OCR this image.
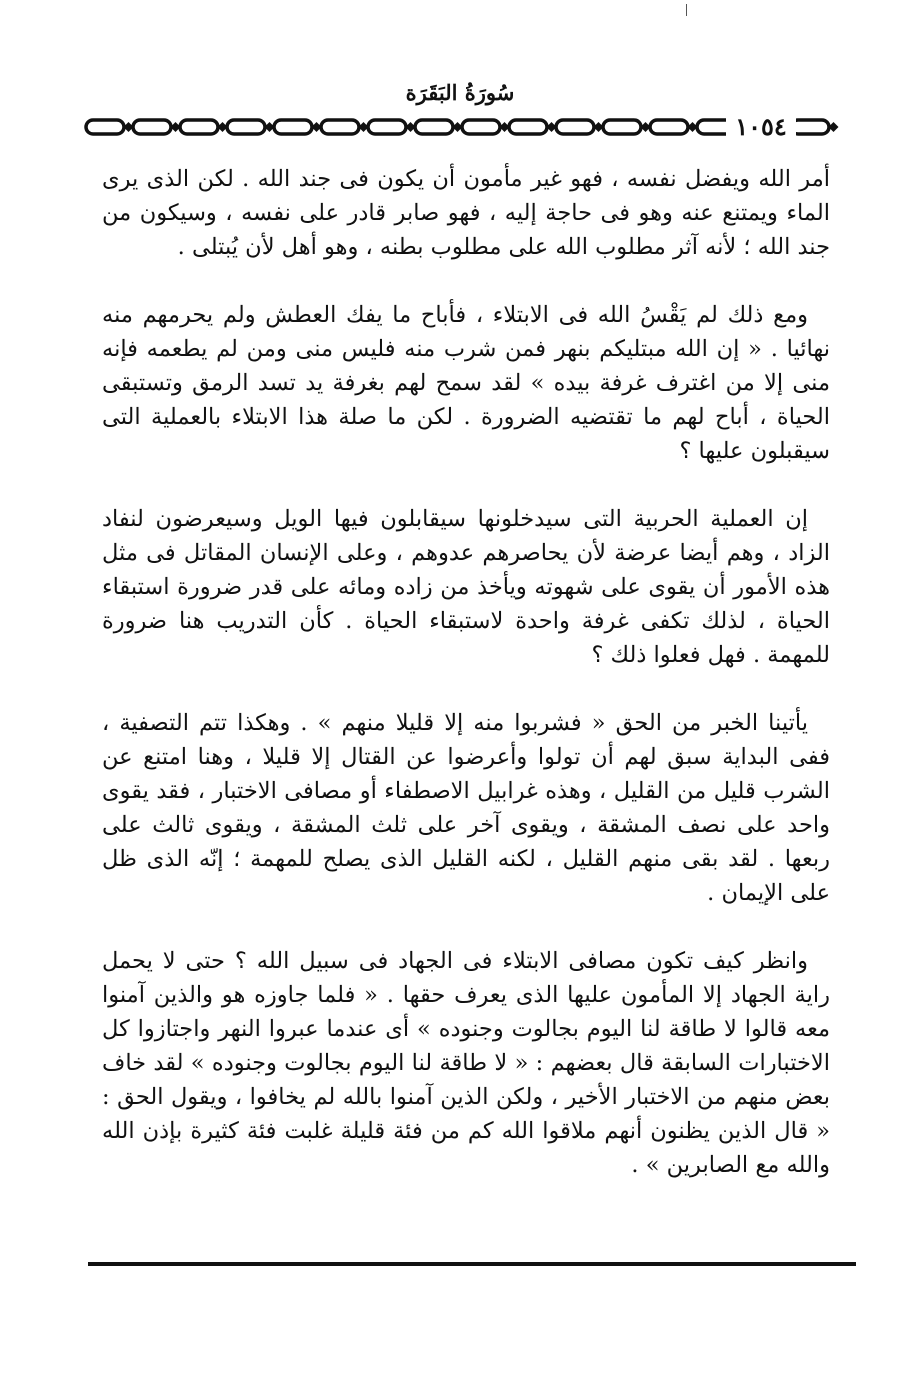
سُورَةُ البَقَرَة
١٠٥٤

أمر الله ويفضل نفسه ، فهو غير مأمون أن يكون فى جند الله . لكن الذى يرى الماء ويمتنع عنه وهو فى حاجة إليه ، فهو صابر قادر على نفسه ، وسيكون من جند الله ؛ لأنه آثر مطلوب الله على مطلوب بطنه ، وهو أهل لأن يُبتلى .

ومع ذلك لم يَقْسُ الله فى الابتلاء ، فأباح ما يفك العطش ولم يحرمهم منه نهائيا . « إن الله مبتليكم بنهر فمن شرب منه فليس منى ومن لم يطعمه فإنه منى إلا من اغترف غرفة بيده » لقد سمح لهم بغرفة يد تسد الرمق وتستبقى الحياة ، أباح لهم ما تقتضيه الضرورة . لكن ما صلة هذا الابتلاء بالعملية التى سيقبلون عليها ؟

إن العملية الحربية التى سيدخلونها سيقابلون فيها الويل وسيعرضون لنفاد الزاد ، وهم أيضا عرضة لأن يحاصرهم عدوهم ، وعلى الإنسان المقاتل فى مثل هذه الأمور أن يقوى على شهوته ويأخذ من زاده ومائه على قدر ضرورة استبقاء الحياة ، لذلك تكفى غرفة واحدة لاستبقاء الحياة . كأن التدريب هنا ضرورة للمهمة . فهل فعلوا ذلك ؟

يأتينا الخبر من الحق « فشربوا منه إلا قليلا منهم » . وهكذا تتم التصفية ، ففى البداية سبق لهم أن تولوا وأعرضوا عن القتال إلا قليلا ، وهنا امتنع عن الشرب قليل من القليل ، وهذه غرابيل الاصطفاء أو مصافى الاختبار ، فقد يقوى واحد على نصف المشقة ، ويقوى آخر على ثلث المشقة ، ويقوى ثالث على ربعها . لقد بقى منهم القليل ، لكنه القليل الذى يصلح للمهمة ؛ إنّه الذى ظل على الإيمان .

وانظر كيف تكون مصافى الابتلاء فى الجهاد فى سبيل الله ؟ حتى لا يحمل راية الجهاد إلا المأمون عليها الذى يعرف حقها . « فلما جاوزه هو والذين آمنوا معه قالوا لا طاقة لنا اليوم بجالوت وجنوده » أى عندما عبروا النهر واجتازوا كل الاختبارات السابقة قال بعضهم : « لا طاقة لنا اليوم بجالوت وجنوده » لقد خاف بعض منهم من الاختبار الأخير ، ولكن الذين آمنوا بالله لم يخافوا ، ويقول الحق : « قال الذين يظنون أنهم ملاقوا الله كم من فئة قليلة غلبت فئة كثيرة بإذن الله والله مع الصابرين » .
